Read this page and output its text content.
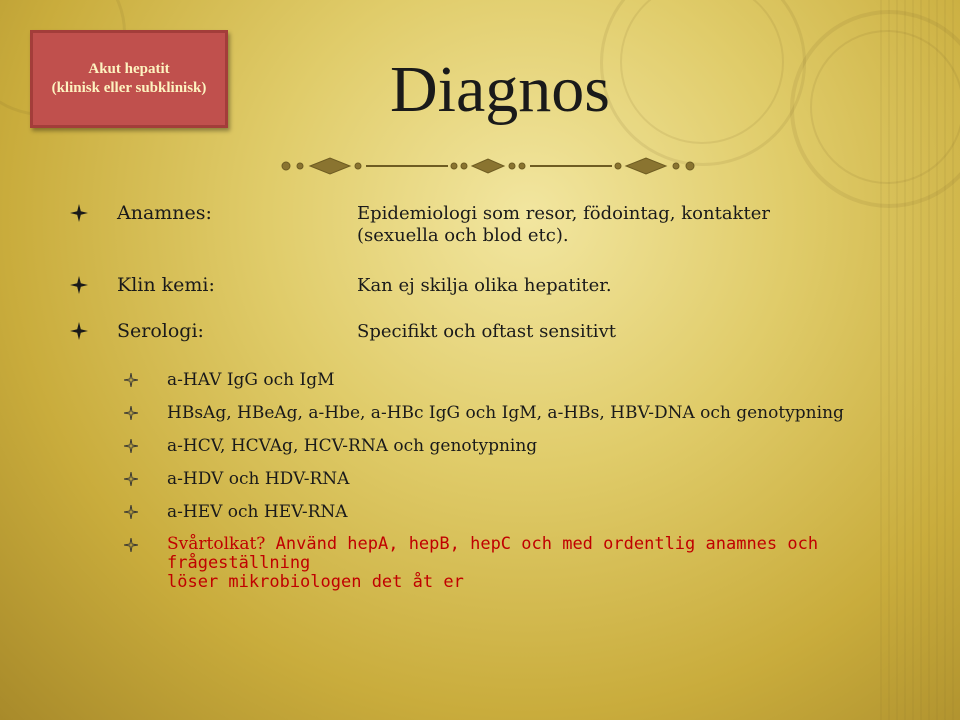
Akut hepatit
(klinisk eller subklinisk)	Diagnos
Anamnes:	Epidemiologi som resor, födointag, kontakter (sexuella och blod etc).
Klin kemi:	Kan ej skilja olika hepatiter.
Serologi:	Specifikt och oftast sensitivt
a-HAV IgG och IgM
HBsAg, HBeAg, a-Hbe, a-HBc IgG och IgM, a-HBs, HBV-DNA och genotypning
a-HCV, HCVAg, HCV-RNA och genotypning
a-HDV och HDV-RNA
a-HEV och HEV-RNA
Svårtolkat? Använd hepA, hepB, hepC och med ordentlig anamnes och frågeställning
löser mikrobiologen det åt er
